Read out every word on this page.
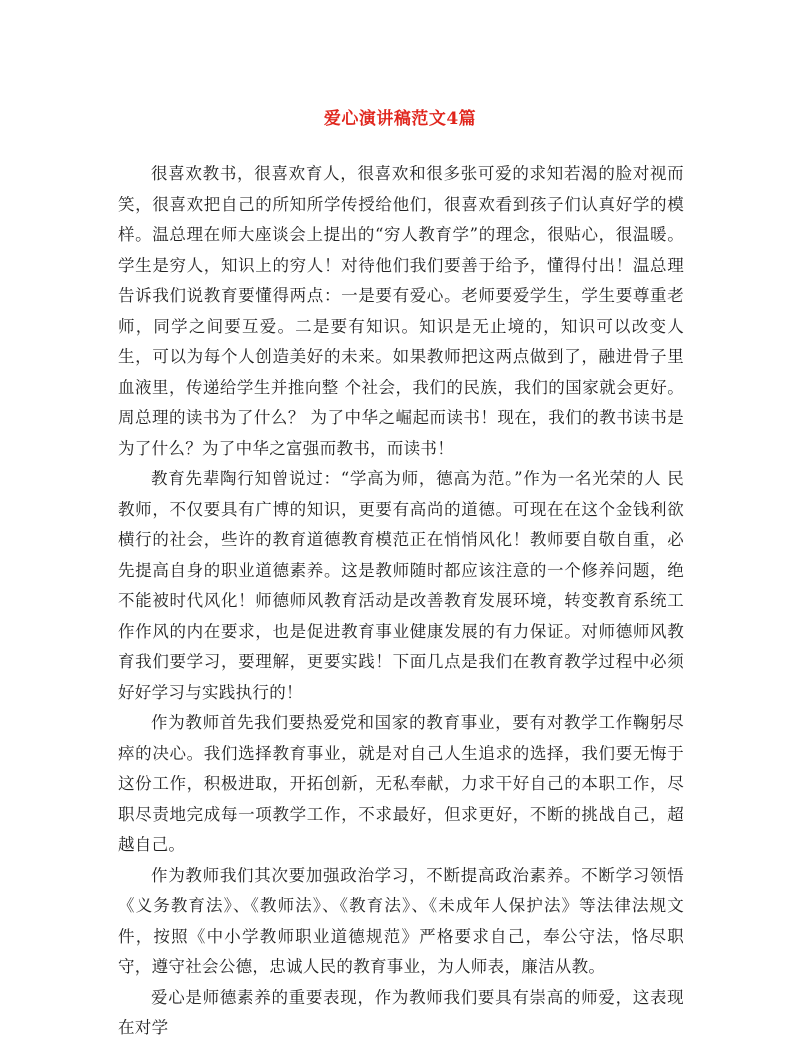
爱心演讲稿范文4篇

很喜欢教书，很喜欢育人，很喜欢和很多张可爱的求知若渴的脸对视而笑，很喜欢把自己的所知所学传授给他们，很喜欢看到孩子们认真好学的模样。温总理在师大座谈会上提出的“穷人教育学”的理念，很贴心，很温暖。学生是穷人，知识上的穷人！对待他们我们要善于给予，懂得付出！温总理告诉我们说教育要懂得两点：一是要有爱心。老师要爱学生，学生要尊重老师，同学之间要互爱。二是要有知识。知识是无止境的，知识可以改变人生，可以为每个人创造美好的未来。如果教师把这两点做到了，融进骨子里血液里，传递给学生并推向整 个社会，我们的民族，我们的国家就会更好。周总理的读书为了什么？ 为了中华之崛起而读书！现在，我们的教书读书是为了什么？为了中华之富强而教书，而读书！

教育先辈陶行知曾说过：“学高为师，德高为范。”作为一名光荣的人 民教师，不仅要具有广博的知识，更要有高尚的道德。可现在在这个金钱利欲横行的社会，些许的教育道德教育模范正在悄悄风化！教师要自敬自重，必先提高自身的职业道德素养。这是教师随时都应该注意的一个修养问题，绝不能被时代风化！师德师风教育活动是改善教育发展环境，转变教育系统工作作风的内在要求，也是促进教育事业健康发展的有力保证。对师德师风教育我们要学习，要理解，更要实践！下面几点是我们在教育教学过程中必须好好学习与实践执行的！

作为教师首先我们要热爱党和国家的教育事业，要有对教学工作鞠躬尽瘁的决心。我们选择教育事业，就是对自己人生追求的选择，我们要无悔于这份工作，积极进取，开拓创新，无私奉献，力求干好自己的本职工作，尽职尽责地完成每一项教学工作，不求最好，但求更好，不断的挑战自己，超越自己。

作为教师我们其次要加强政治学习，不断提高政治素养。不断学习领悟《义务教育法》、《教师法》、《教育法》、《未成年人保护法》等法律法规文件，按照《中小学教师职业道德规范》严格要求自己，奉公守法，恪尽职守，遵守社会公德，忠诚人民的教育事业，为人师表，廉洁从教。

爱心是师德素养的重要表现，作为教师我们要具有崇高的师爱，这表现在对学
